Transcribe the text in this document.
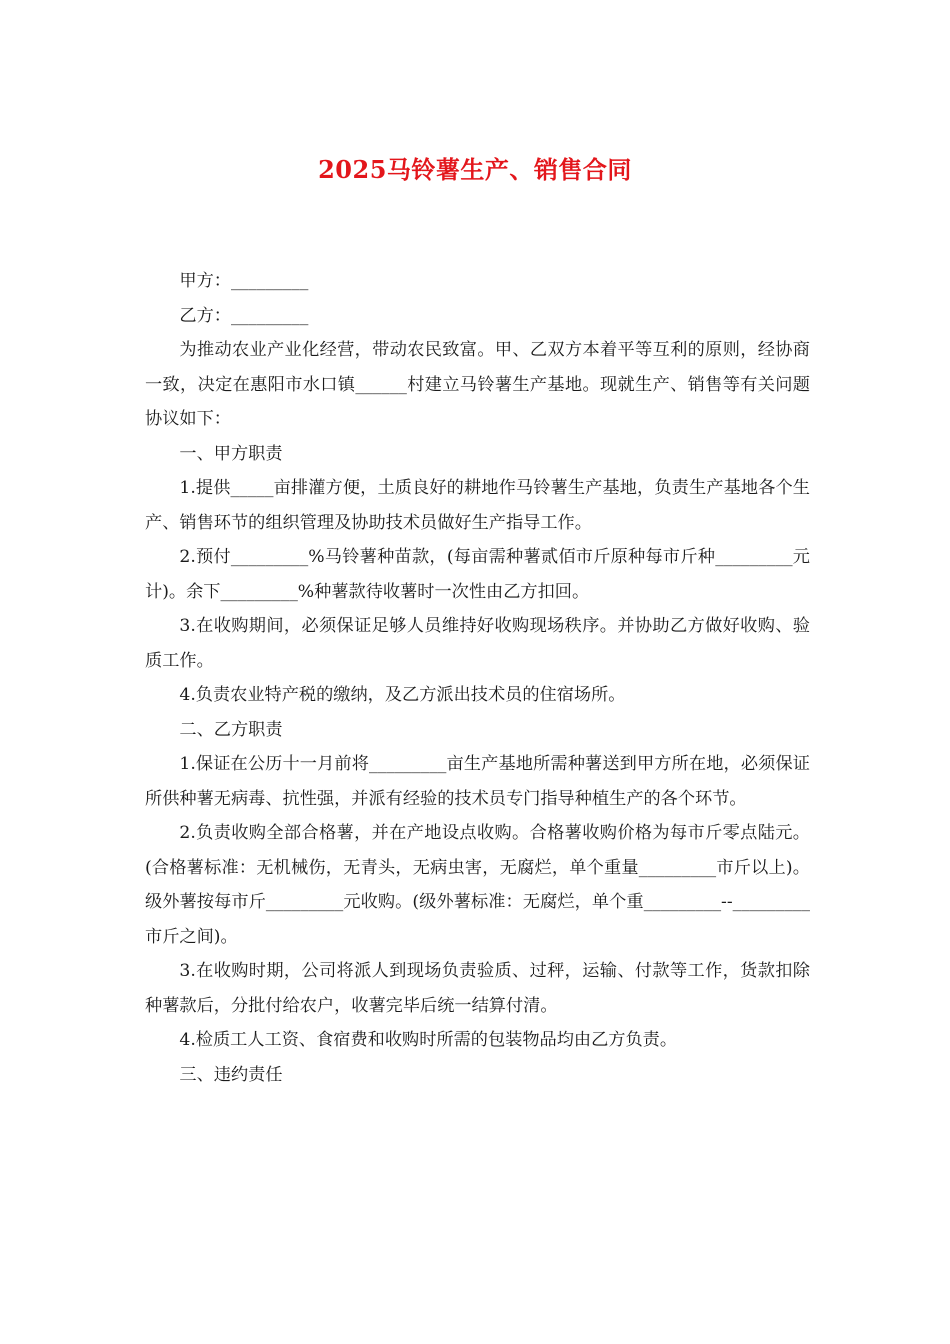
2025马铃薯生产、销售合同

甲方：_________

乙方：_________

为推动农业产业化经营，带动农民致富。甲、乙双方本着平等互利的原则，经协商一致，决定在惠阳市水口镇______村建立马铃薯生产基地。现就生产、销售等有关问题协议如下：

一、甲方职责

1.提供_____亩排灌方便，土质良好的耕地作马铃薯生产基地，负责生产基地各个生产、销售环节的组织管理及协助技术员做好生产指导工作。

2.预付_________%马铃薯种苗款，(每亩需种薯贰佰市斤原种每市斤种_________元计)。余下_________%种薯款待收薯时一次性由乙方扣回。

3.在收购期间，必须保证足够人员维持好收购现场秩序。并协助乙方做好收购、验质工作。

4.负责农业特产税的缴纳，及乙方派出技术员的住宿场所。

二、乙方职责

1.保证在公历十一月前将_________亩生产基地所需种薯送到甲方所在地，必须保证所供种薯无病毒、抗性强，并派有经验的技术员专门指导种植生产的各个环节。

2.负责收购全部合格薯，并在产地设点收购。合格薯收购价格为每市斤零点陆元。(合格薯标准：无机械伤，无青头，无病虫害，无腐烂，单个重量_________市斤以上)。级外薯按每市斤_________元收购。(级外薯标准：无腐烂，单个重_________--_________市斤之间)。

3.在收购时期，公司将派人到现场负责验质、过秤，运输、付款等工作，货款扣除种薯款后，分批付给农户，收薯完毕后统一结算付清。

4.检质工人工资、食宿费和收购时所需的包装物品均由乙方负责。

三、违约责任
